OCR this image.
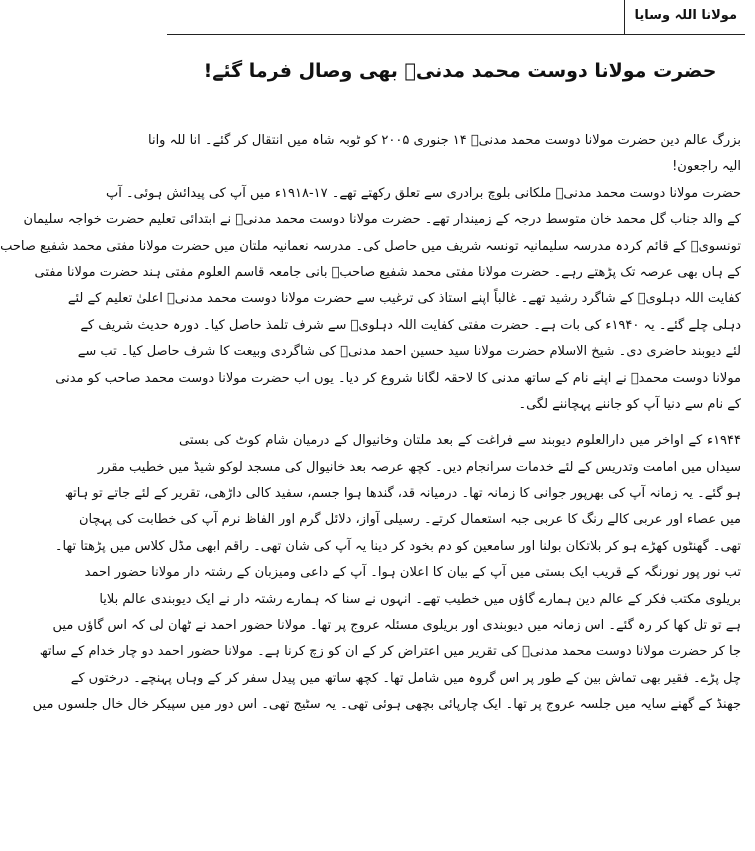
مولانا اللہ وسایا
حضرت مولانا دوست محمد مدنیؒ بھی وصال فرما گئے!
بزرگ عالم دین حضرت مولانا دوست محمد مدنیؒ ۱۴ جنوری ۲۰۰۵ کو ٹوبہ شاہ میں انتقال کر گئے۔ انا للہ وانا
الیہ راجعون!
حضرت مولانا دوست محمد مدنیؒ ملکانی بلوچ برادری سے تعلق رکھتے تھے۔ ۱۷-۱۹۱۸ء میں آپ کی پیدائش ہوئی۔ آپ
کے والد جناب گل محمد خان متوسط درجہ کے زمیندار تھے۔ حضرت مولانا دوست محمد مدنیؒ نے ابتدائی تعلیم حضرت خواجہ سلیمان
تونسویؒ کے قائم کردہ مدرسہ سلیمانیہ تونسہ شریف میں حاصل کی۔ مدرسہ نعمانیہ ملتان میں حضرت مولانا مفتی محمد شفیع صاحب
کے ہاں بھی عرصہ تک پڑھتے رہے۔ حضرت مولانا مفتی محمد شفیع صاحبؒ بانی جامعہ قاسم العلوم مفتی ہند حضرت مولانا مفتی
کفایت اللہ دہلویؒ کے شاگرد رشید تھے۔ غالباً اپنے استاذ کی ترغیب سے حضرت مولانا دوست محمد مدنیؒ اعلیٰ تعلیم کے لئے
دہلی چلے گئے۔ یہ ۱۹۴۰ء کی بات ہے۔ حضرت مفتی کفایت اللہ دہلویؒ سے شرف تلمذ حاصل کیا۔ دورہ حدیث شریف کے
لئے دیوبند حاضری دی۔ شیخ الاسلام حضرت مولانا سید حسین احمد مدنیؒ کی شاگردی وبیعت کا شرف حاصل کیا۔ تب سے
مولانا دوست محمدؒ نے اپنے نام کے ساتھ مدنی کا لاحقہ لگانا شروع کر دیا۔ یوں اب حضرت مولانا دوست محمد صاحب کو مدنی
کے نام سے دنیا آپ کو جاننے پہچاننے لگی۔
۱۹۴۴ء کے اواخر میں دارالعلوم دیوبند سے فراغت کے بعد ملتان وخانیوال کے درمیان شام کوٹ کی بستی
سیداں میں امامت وتدریس کے لئے خدمات سرانجام دیں۔ کچھ عرصہ بعد خانیوال کی مسجد لوکو شیڈ میں خطیب مقرر
ہو گئے۔ یہ زمانہ آپ کی بھرپور جوانی کا زمانہ تھا۔ درمیانہ قد، گندھا ہوا جسم، سفید کالی داڑھی، تقریر کے لئے جاتے تو ہاتھ
میں عصاء اور عربی کالے رنگ کا عربی جبہ استعمال کرتے۔ رسیلی آواز، دلائل گرم اور الفاظ نرم آپ کی خطابت کی پہچان
تھی۔ گھنٹوں کھڑے ہو کر بلاتکان بولنا اور سامعین کو دم بخود کر دینا یہ آپ کی شان تھی۔ راقم ابھی مڈل کلاس میں پڑھتا تھا۔
تب نور پور نورنگہ کے قریب ایک بستی میں آپ کے بیان کا اعلان ہوا۔ آپ کے داعی ومیزبان کے رشتہ دار مولانا حضور احمد
بریلوی مکتب فکر کے عالم دین ہمارے گاؤں میں خطیب تھے۔ انہوں نے سنا کہ ہمارے رشتہ دار نے ایک دیوبندی عالم بلایا
ہے تو تل کھا کر رہ گئے۔ اس زمانہ میں دیوبندی اور بریلوی مسئلہ عروج پر تھا۔ مولانا حضور احمد نے ٹھان لی کہ اس گاؤں میں
جا کر حضرت مولانا دوست محمد مدنیؒ کی تقریر میں اعتراض کر کے ان کو زچ کرنا ہے۔ مولانا حضور احمد دو چار خدام کے ساتھ
چل پڑے۔ فقیر بھی تماش بین کے طور پر اس گروہ میں شامل تھا۔ کچھ ساتھ میں پیدل سفر کر کے وہاں پہنچے۔ درختوں کے
جھنڈ کے گھنے سایہ میں جلسہ عروج پر تھا۔ ایک چارپائی بچھی ہوئی تھی۔ یہ سٹیج تھی۔ اس دور میں سپیکر خال خال جلسوں میں
